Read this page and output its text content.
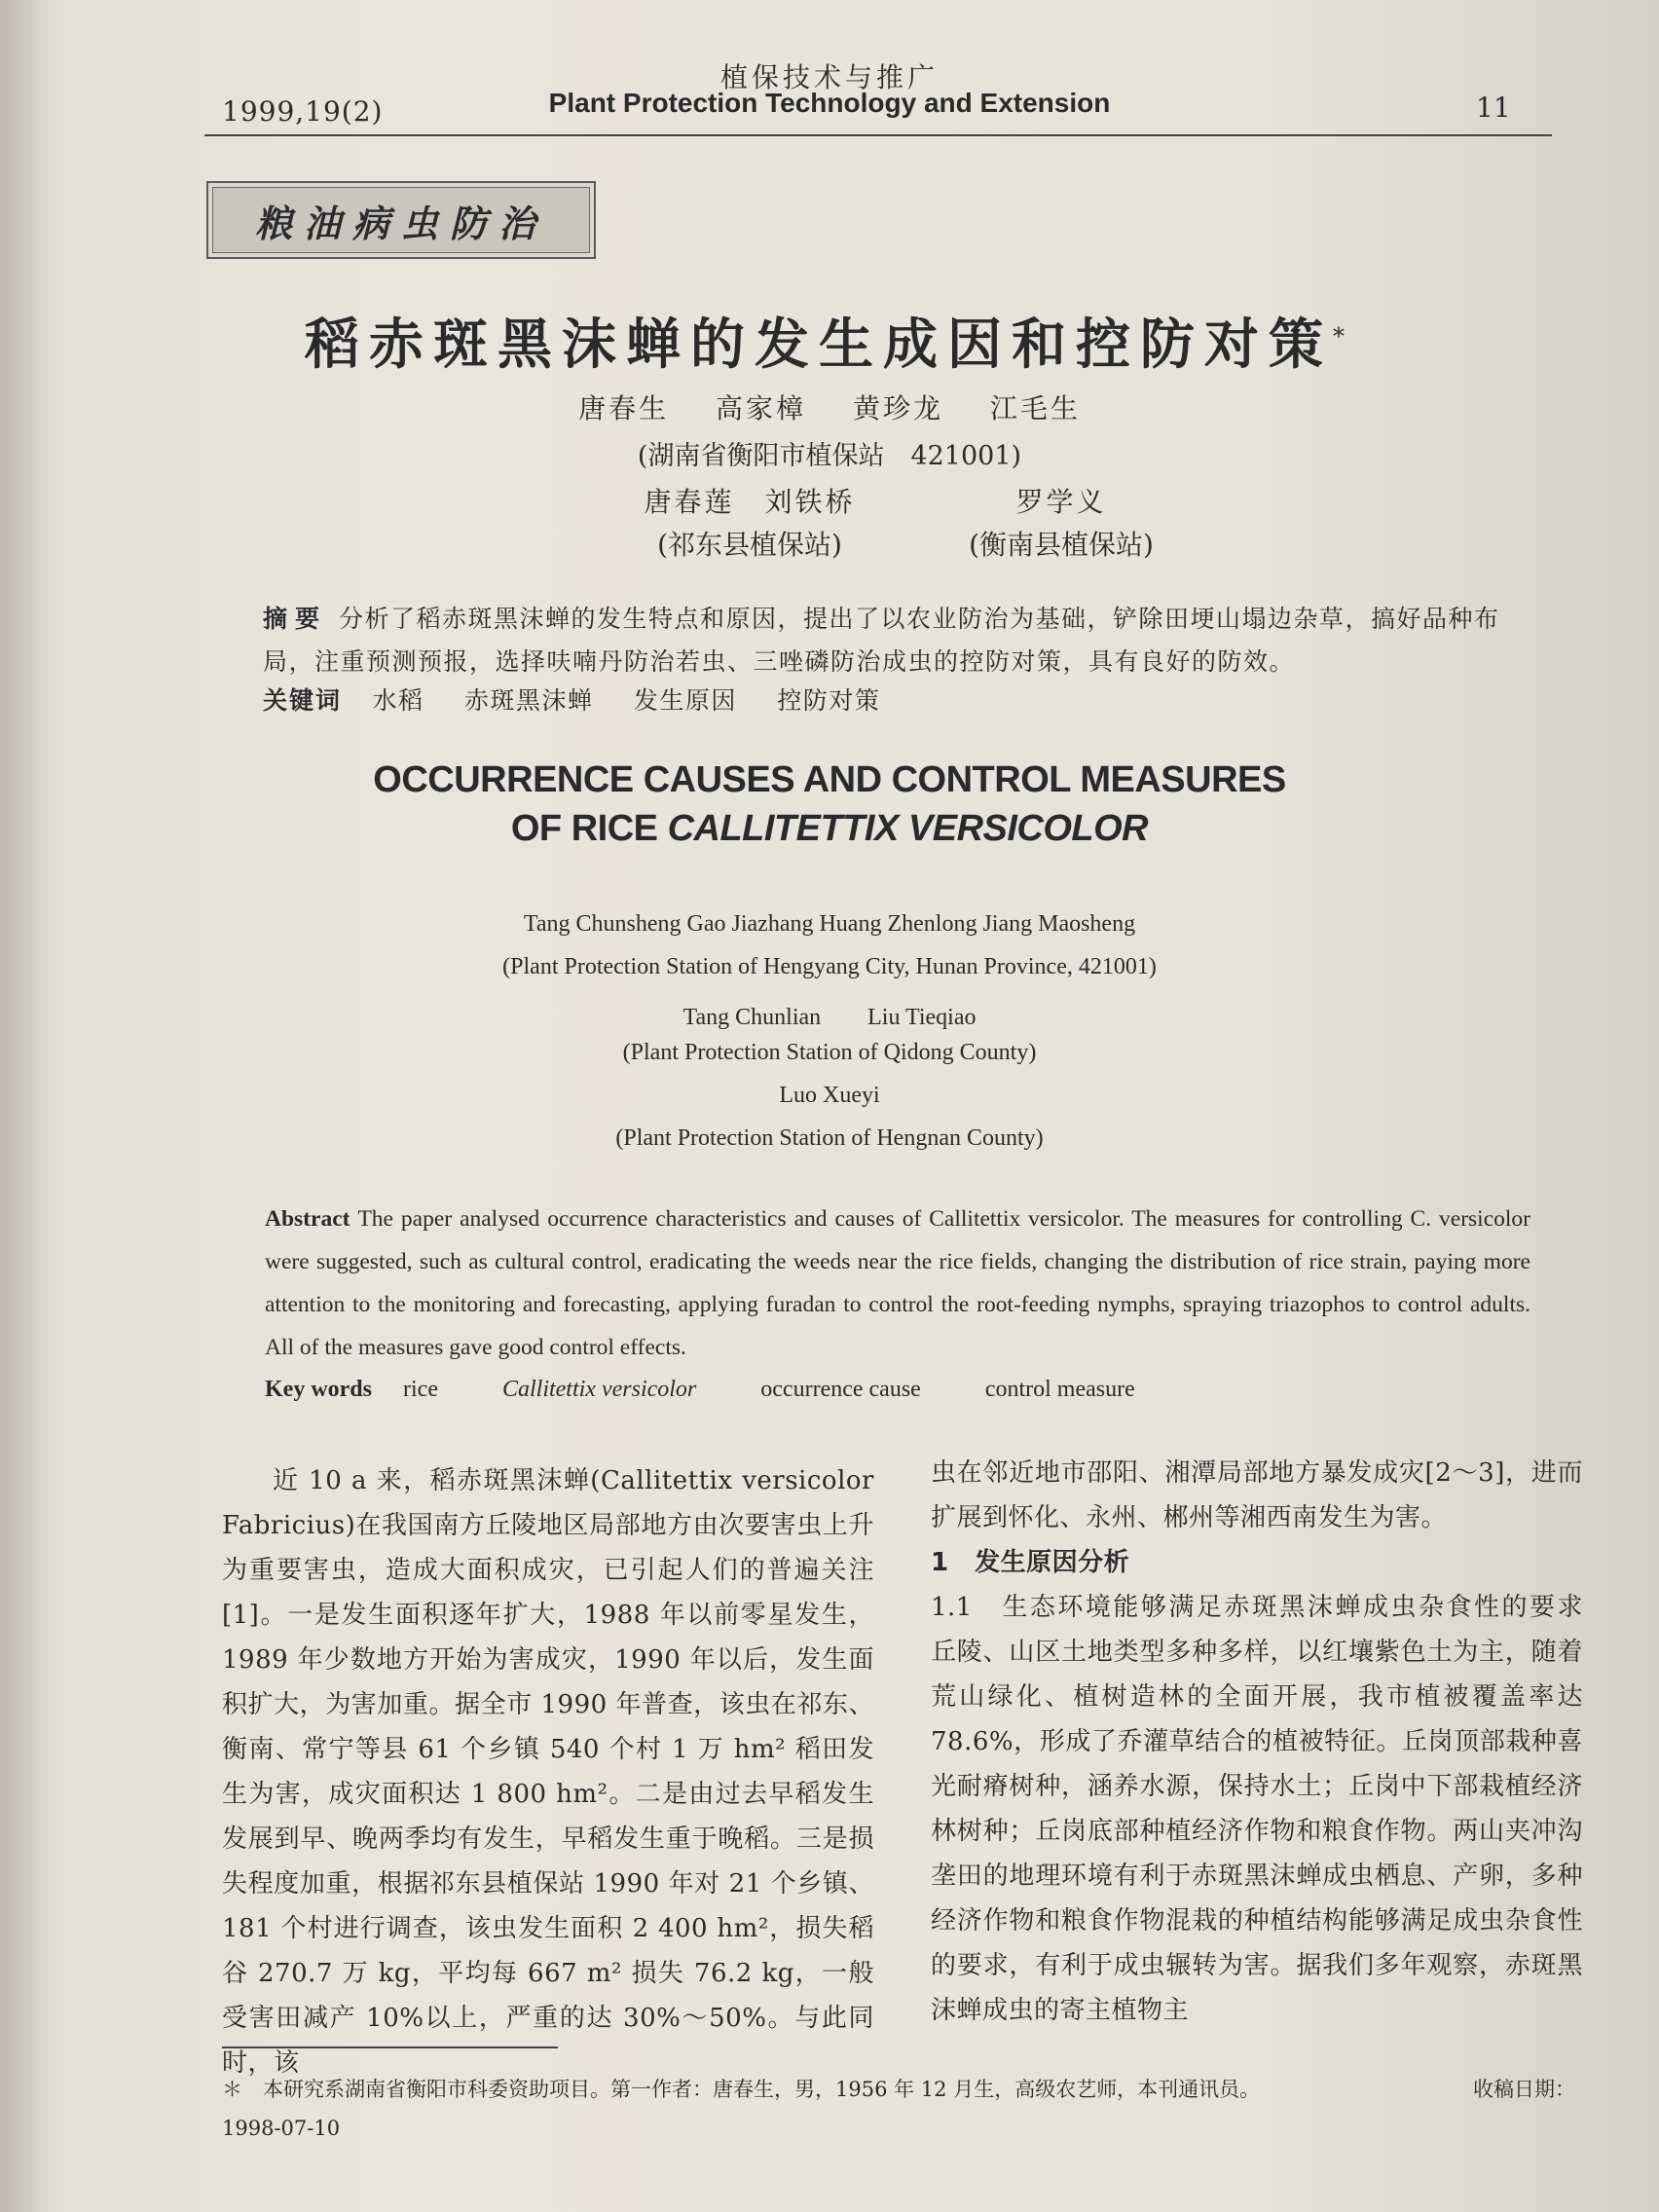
1999,19(2)
植保技术与推广
Plant Protection Technology and Extension	11
粮油病虫防治
稻赤斑黑沫蝉的发生成因和控防对策*
唐春生 高家樟 黄珍龙 江毛生
(湖南省衡阳市植保站　421001)
唐春莲　刘铁桥
(祁东县植保站)
罗学义
(衡南县植保站)
摘要 分析了稻赤斑黑沫蝉的发生特点和原因，提出了以农业防治为基础，铲除田埂山塌边杂草，搞好品种布局，注重预测预报，选择呋喃丹防治若虫、三唑磷防治成虫的控防对策，具有良好的防效。
关键词 水稻 赤斑黑沫蝉 发生原因 控防对策
OCCURRENCE CAUSES AND CONTROL MEASURES
OF RICE CALLITETTIX VERSICOLOR
Tang Chunsheng Gao Jiazhang Huang Zhenlong Jiang Maosheng
(Plant Protection Station of Hengyang City, Hunan Province, 421001)
Tang Chunlian　　Liu Tieqiao
(Plant Protection Station of Qidong County)
Luo Xueyi
(Plant Protection Station of Hengnan County)
Abstract The paper analysed occurrence characteristics and causes of Callitettix versicolor. The measures for controlling C. versicolor were suggested, such as cultural control, eradicating the weeds near the rice fields, changing the distribution of rice strain, paying more attention to the monitoring and forecasting, applying furadan to control the root-feeding nymphs, spraying triazophos to control adults. All of the measures gave good control effects.
Key words rice	Callitettix versicolor	occurrence cause	control measure

近 10 a 来，稻赤斑黑沫蝉(Callitettix versicolor Fabricius)在我国南方丘陵地区局部地方由次要害虫上升为重要害虫，造成大面积成灾，已引起人们的普遍关注[1]。一是发生面积逐年扩大，1988 年以前零星发生，1989 年少数地方开始为害成灾，1990 年以后，发生面积扩大，为害加重。据全市 1990 年普查，该虫在祁东、衡南、常宁等县 61 个乡镇 540 个村 1 万 hm² 稻田发生为害，成灾面积达 1 800 hm²。二是由过去早稻发生发展到早、晚两季均有发生，早稻发生重于晚稻。三是损失程度加重，根据祁东县植保站 1990 年对 21 个乡镇、181 个村进行调查，该虫发生面积 2 400 hm²，损失稻谷 270.7 万 kg，平均每 667 m² 损失 76.2 kg，一般受害田减产 10%以上，严重的达 30%～50%。与此同时，该

虫在邻近地市邵阳、湘潭局部地方暴发成灾[2～3]，进而扩展到怀化、永州、郴州等湘西南发生为害。

1　发生原因分析

1.1　生态环境能够满足赤斑黑沫蝉成虫杂食性的要求　丘陵、山区土地类型多种多样，以红壤紫色土为主，随着荒山绿化、植树造林的全面开展，我市植被覆盖率达 78.6%，形成了乔灌草结合的植被特征。丘岗顶部栽种喜光耐瘠树种，涵养水源，保持水土；丘岗中下部栽植经济林树种；丘岗底部种植经济作物和粮食作物。两山夹冲沟垄田的地理环境有利于赤斑黑沫蝉成虫栖息、产卵，多种经济作物和粮食作物混栽的种植结构能够满足成虫杂食性的要求，有利于成虫辗转为害。据我们多年观察，赤斑黑沫蝉成虫的寄主植物主

＊　本研究系湖南省衡阳市科委资助项目。第一作者：唐春生，男，1956 年 12 月生，高级农艺师，本刊通讯员。	收稿日期：
1998-07-10
